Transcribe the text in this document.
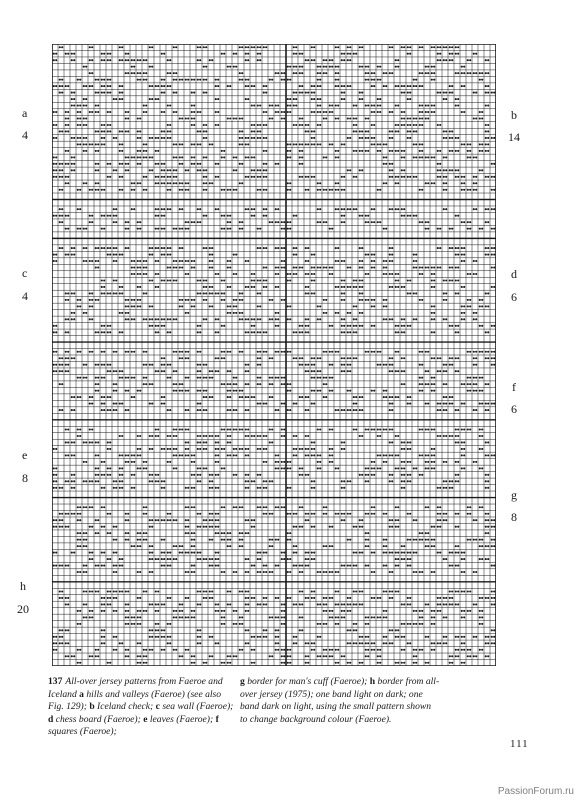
a
4
c
4
e
8
h
20
b
14
d
6
f
6
g
8
137 All-over jersey patterns from Faeroe and Iceland a hills and valleys (Faeroe) (see also Fig. 129); b Iceland check; c sea wall (Faeroe); d chess board (Faeroe); e leaves (Faeroe); f squares (Faeroe);
g border for man's cuff (Faeroe); h border from all-over jersey (1975); one band light on dark; one band dark on light, using the small pattern shown to change background colour (Faeroe).
111
PassionForum.ru
